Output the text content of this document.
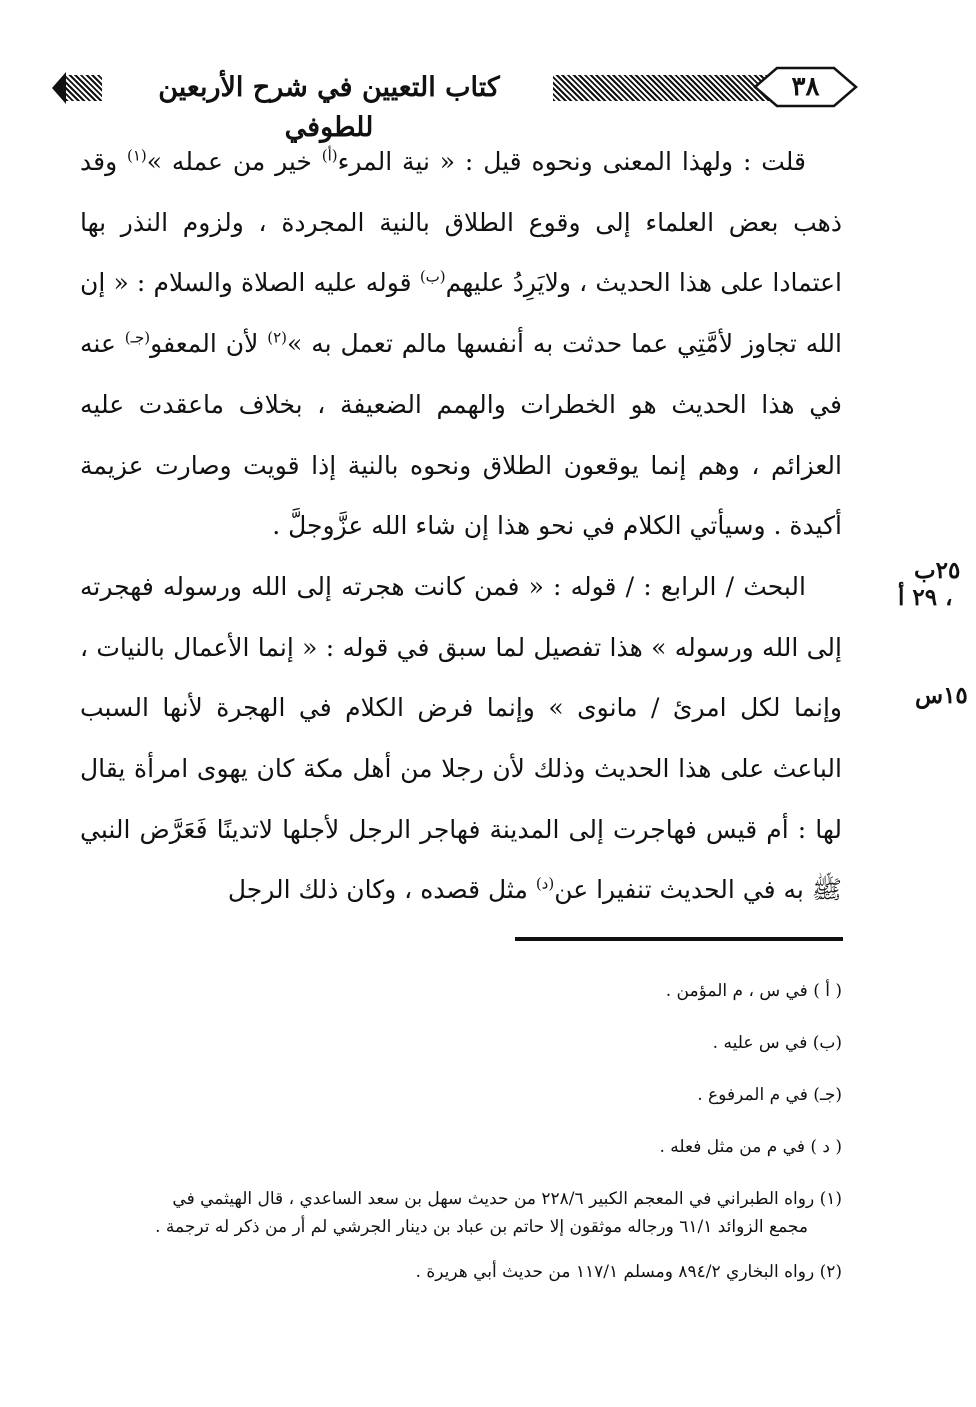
كتاب التعيين في شرح الأربعين للطوفي
٣٨

قلت : ولهذا المعنى ونحوه قيل : « نية المرء$^{(أ)}$ خير من عمله »$^{(١)}$ وقد ذهب بعض العلماء إلى وقوع الطلاق بالنية المجردة ، ولزوم النذر بها اعتمادا على هذا الحديث ، ولايَرِدُ عليهم$^{(ب)}$ قوله عليه الصلاة والسلام : « إن الله تجاوز لأمَّتِي عما حدثت به أنفسها مالم تعمل به »$^{(٢)}$ لأن المعفو$^{(جـ)}$ عنه في هذا الحديث هو الخطرات والهمم الضعيفة ، بخلاف ماعقدت عليه العزائم ، وهم إنما يوقعون الطلاق ونحوه بالنية إذا قويت وصارت عزيمة أكيدة . وسيأتي الكلام في نحو هذا إن شاء الله عزَّوجلَّ .

البحث / الرابع : / قوله : « فمن كانت هجرته إلى الله ورسوله فهجرته إلى الله ورسوله » هذا تفصيل لما سبق في قوله : « إنما الأعمال بالنيات ، وإنما لكل امرئ / مانوى » وإنما فرض الكلام في الهجرة لأنها السبب الباعث على هذا الحديث وذلك لأن رجلا من أهل مكة كان يهوى امرأة يقال لها : أم قيس فهاجرت إلى المدينة فهاجر الرجل لأجلها لاتدينًا فَعَرَّض النبي ﷺ به في الحديث تنفيرا عن$^{(د)}$ مثل قصده ، وكان ذلك الرجل

٢٥ب
، ٢٩ أ
١٥س
( أ ) في س ، م المؤمن .
(ب) في س عليه .
(جـ) في م المرفوع .
( د ) في م من مثل فعله .
(١) رواه الطبراني في المعجم الكبير ٢٢٨/٦ من حديث سهل بن سعد الساعدي ، قال الهيثمي في
مجمع الزوائد ٦١/١ ورجاله موثقون إلا حاتم بن عباد بن دينار الجرشي لم أر من ذكر له ترجمة .
(٢) رواه البخاري ٨٩٤/٢ ومسلم ١١٧/١ من حديث أبي هريرة .
